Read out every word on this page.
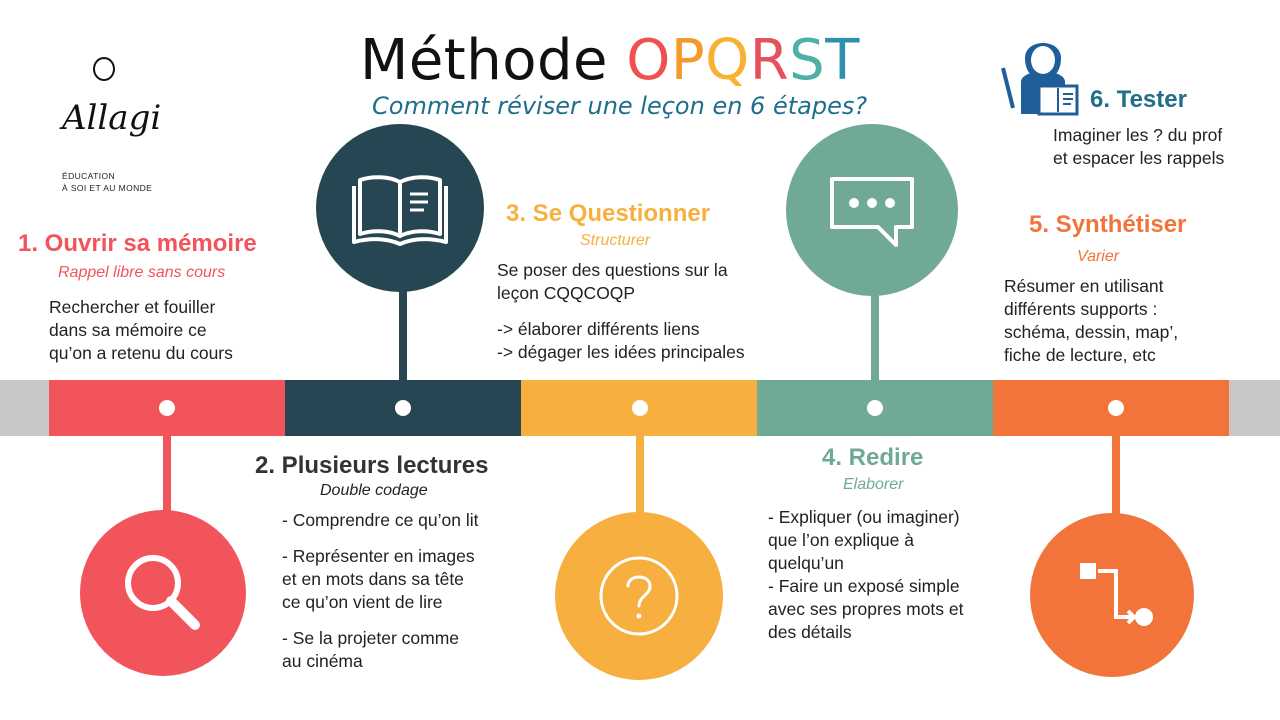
Méthode OPQRST
Comment réviser une leçon en 6 étapes?
Allagi
ÉDUCATION
À SOI ET AU MONDE
1. Ouvrir sa mémoire
Rappel libre sans cours

Rechercher et fouiller

dans sa mémoire ce

qu’on a retenu du cours

2. Plusieurs lectures
Double codage

- Comprendre ce qu’on lit

- Représenter en images

et en mots dans sa tête

ce qu’on vient de lire

- Se la projeter comme

au cinéma

3. Se Questionner
Structurer

Se poser des questions sur la

leçon CQQCOQP

-> élaborer différents liens

-> dégager les idées principales

4. Redire
Elaborer

- Expliquer (ou imaginer)

que l’on explique à

quelqu’un

- Faire un exposé simple

avec ses propres mots et

des détails

5. Synthétiser
Varier

Résumer en utilisant

différents supports :

schéma, dessin, map’,

fiche de lecture, etc

6. Tester

Imaginer les ? du prof

et espacer les rappels
